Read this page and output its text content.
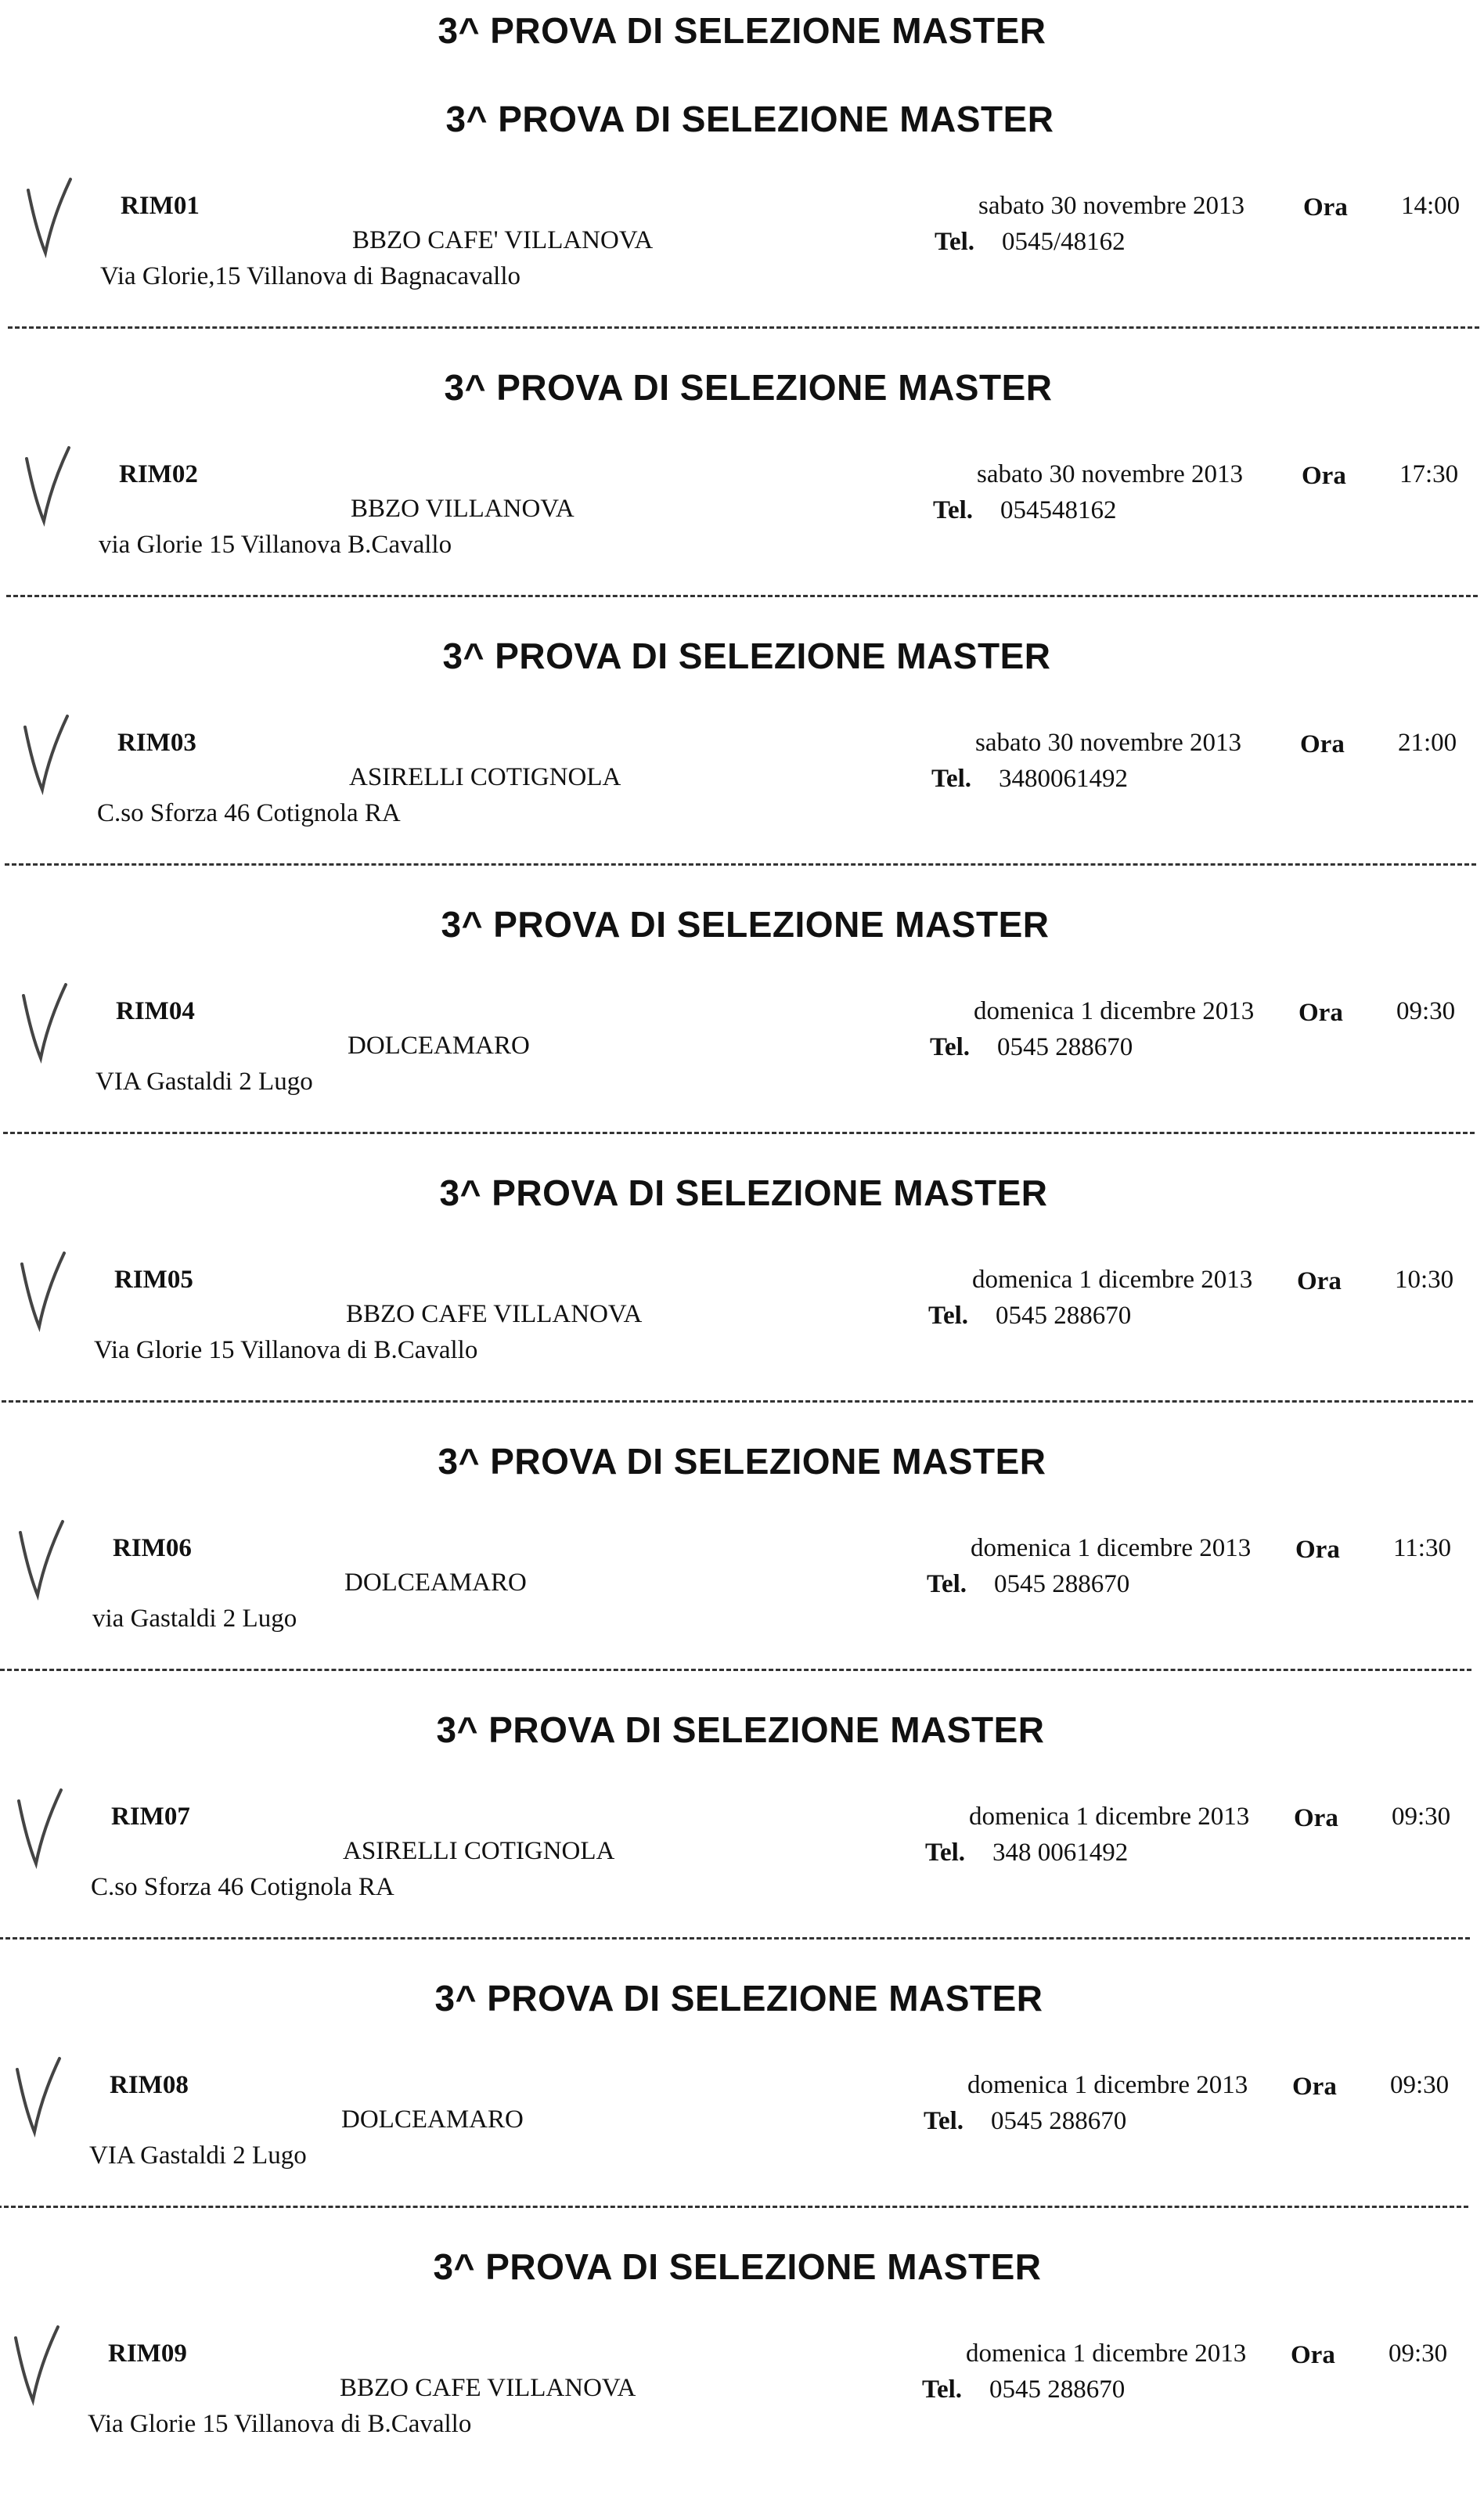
3^ PROVA DI SELEZIONE MASTER
3^ PROVA DI SELEZIONE MASTER
RIM01
BBZO CAFE' VILLANOVA
Via Glorie,15 Villanova di Bagnacavallo
sabato 30 novembre 2013 Ora 14:00
Tel. 0545/48162
3^ PROVA DI SELEZIONE MASTER
RIM02
BBZO VILLANOVA
via Glorie 15 Villanova B.Cavallo
sabato 30 novembre 2013 Ora 17:30
Tel. 054548162
3^ PROVA DI SELEZIONE MASTER
RIM03
ASIRELLI COTIGNOLA
C.so Sforza 46 Cotignola RA
sabato 30 novembre 2013 Ora 21:00
Tel. 3480061492
3^ PROVA DI SELEZIONE MASTER
RIM04
DOLCEAMARO
VIA Gastaldi 2 Lugo
domenica 1 dicembre 2013 Ora 09:30
Tel. 0545 288670
3^ PROVA DI SELEZIONE MASTER
RIM05
BBZO CAFE VILLANOVA
Via Glorie 15 Villanova di B.Cavallo
domenica 1 dicembre 2013 Ora 10:30
Tel. 0545 288670
3^ PROVA DI SELEZIONE MASTER
RIM06
DOLCEAMARO
via Gastaldi 2 Lugo
domenica 1 dicembre 2013 Ora 11:30
Tel. 0545 288670
3^ PROVA DI SELEZIONE MASTER
RIM07
ASIRELLI COTIGNOLA
C.so Sforza 46 Cotignola RA
domenica 1 dicembre 2013 Ora 09:30
Tel. 348 0061492
3^ PROVA DI SELEZIONE MASTER
RIM08
DOLCEAMARO
VIA Gastaldi 2 Lugo
domenica 1 dicembre 2013 Ora 09:30
Tel. 0545 288670
3^ PROVA DI SELEZIONE MASTER
RIM09
BBZO CAFE VILLANOVA
Via Glorie 15 Villanova di B.Cavallo
domenica 1 dicembre 2013 Ora 09:30
Tel. 0545 288670
